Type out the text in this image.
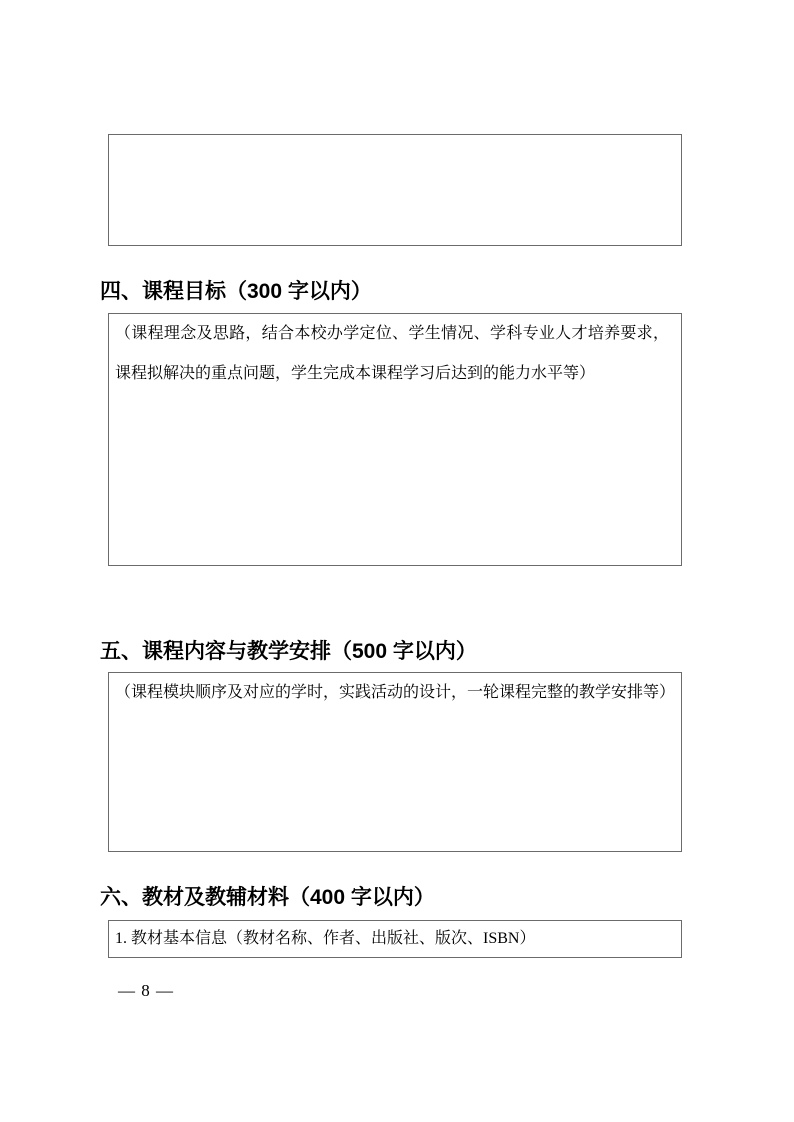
四、课程目标（300 字以内）
（课程理念及思路，结合本校办学定位、学生情况、学科专业人才培养要求，课程拟解决的重点问题，学生完成本课程学习后达到的能力水平等）
五、课程内容与教学安排（500 字以内）
（课程模块顺序及对应的学时，实践活动的设计，一轮课程完整的教学安排等）
六、教材及教辅材料（400 字以内）
1. 教材基本信息（教材名称、作者、出版社、版次、ISBN）
— 8 —
